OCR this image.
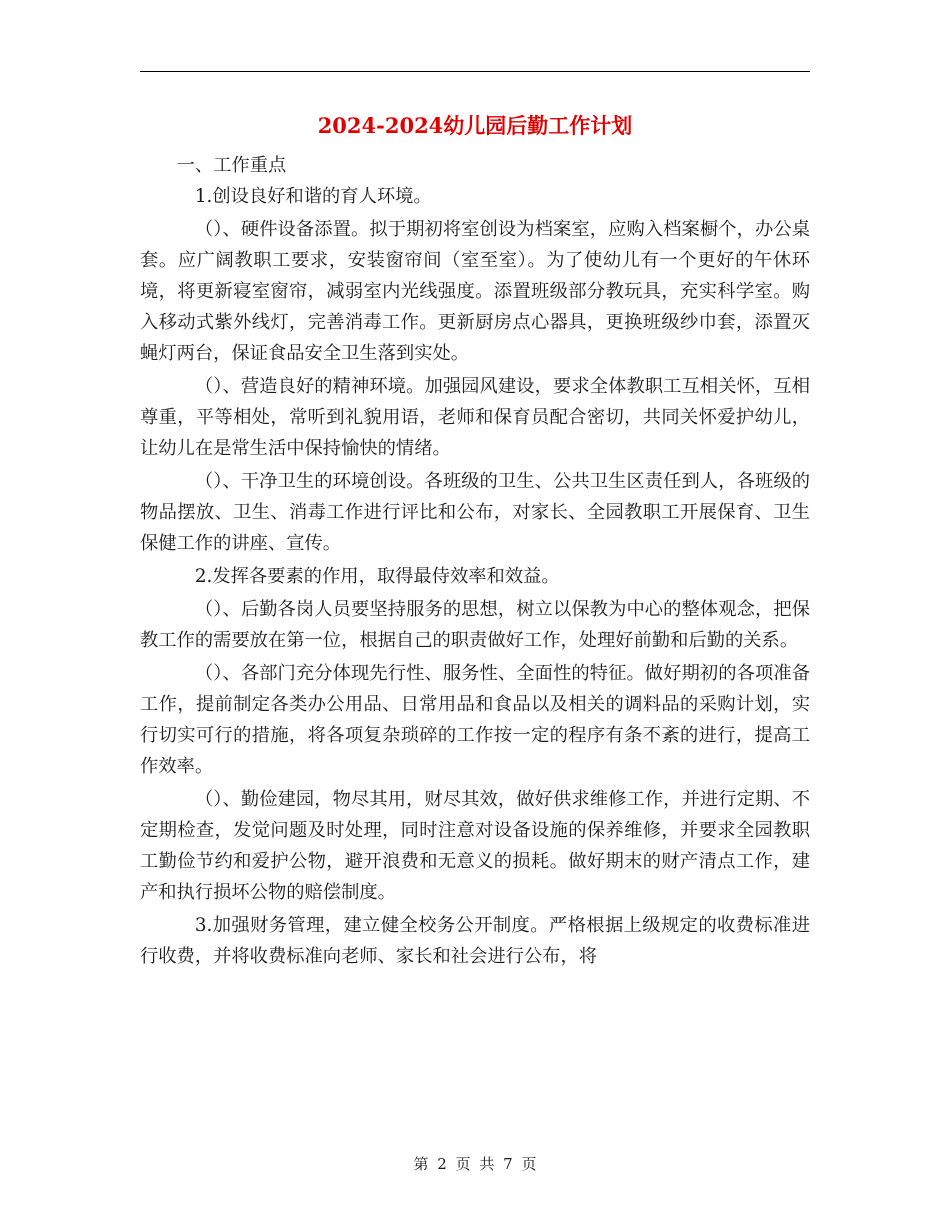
2024-2024幼儿园后勤工作计划

一、工作重点

1.创设良好和谐的育人环境。

（）、硬件设备添置。拟于期初将室创设为档案室，应购入档案橱个，办公桌套。应广阔教职工要求，安装窗帘间（室至室）。为了使幼儿有一个更好的午休环境，将更新寝室窗帘，减弱室内光线强度。添置班级部分教玩具，充实科学室。购入移动式紫外线灯，完善消毒工作。更新厨房点心器具，更换班级纱巾套，添置灭蝇灯两台，保证食品安全卫生落到实处。

（）、营造良好的精神环境。加强园风建设，要求全体教职工互相关怀，互相尊重，平等相处，常听到礼貌用语，老师和保育员配合密切，共同关怀爱护幼儿，让幼儿在是常生活中保持愉快的情绪。

（）、干净卫生的环境创设。各班级的卫生、公共卫生区责任到人，各班级的物品摆放、卫生、消毒工作进行评比和公布，对家长、全园教职工开展保育、卫生保健工作的讲座、宣传。

2.发挥各要素的作用，取得最侍效率和效益。

（）、后勤各岗人员要坚持服务的思想，树立以保教为中心的整体观念，把保教工作的需要放在第一位，根据自己的职责做好工作，处理好前勤和后勤的关系。

（）、各部门充分体现先行性、服务性、全面性的特征。做好期初的各项准备工作，提前制定各类办公用品、日常用品和食品以及相关的调料品的采购计划，实行切实可行的措施，将各项复杂琐碎的工作按一定的程序有条不紊的进行，提高工作效率。

（）、勤俭建园，物尽其用，财尽其效，做好供求维修工作，并进行定期、不定期检查，发觉问题及时处理，同时注意对设备设施的保养维修，并要求全园教职工勤俭节约和爱护公物，避开浪费和无意义的损耗。做好期末的财产清点工作，建产和执行损坏公物的赔偿制度。

3.加强财务管理，建立健全校务公开制度。严格根据上级规定的收费标准进行收费，并将收费标准向老师、家长和社会进行公布，将

第 2 页 共 7 页
